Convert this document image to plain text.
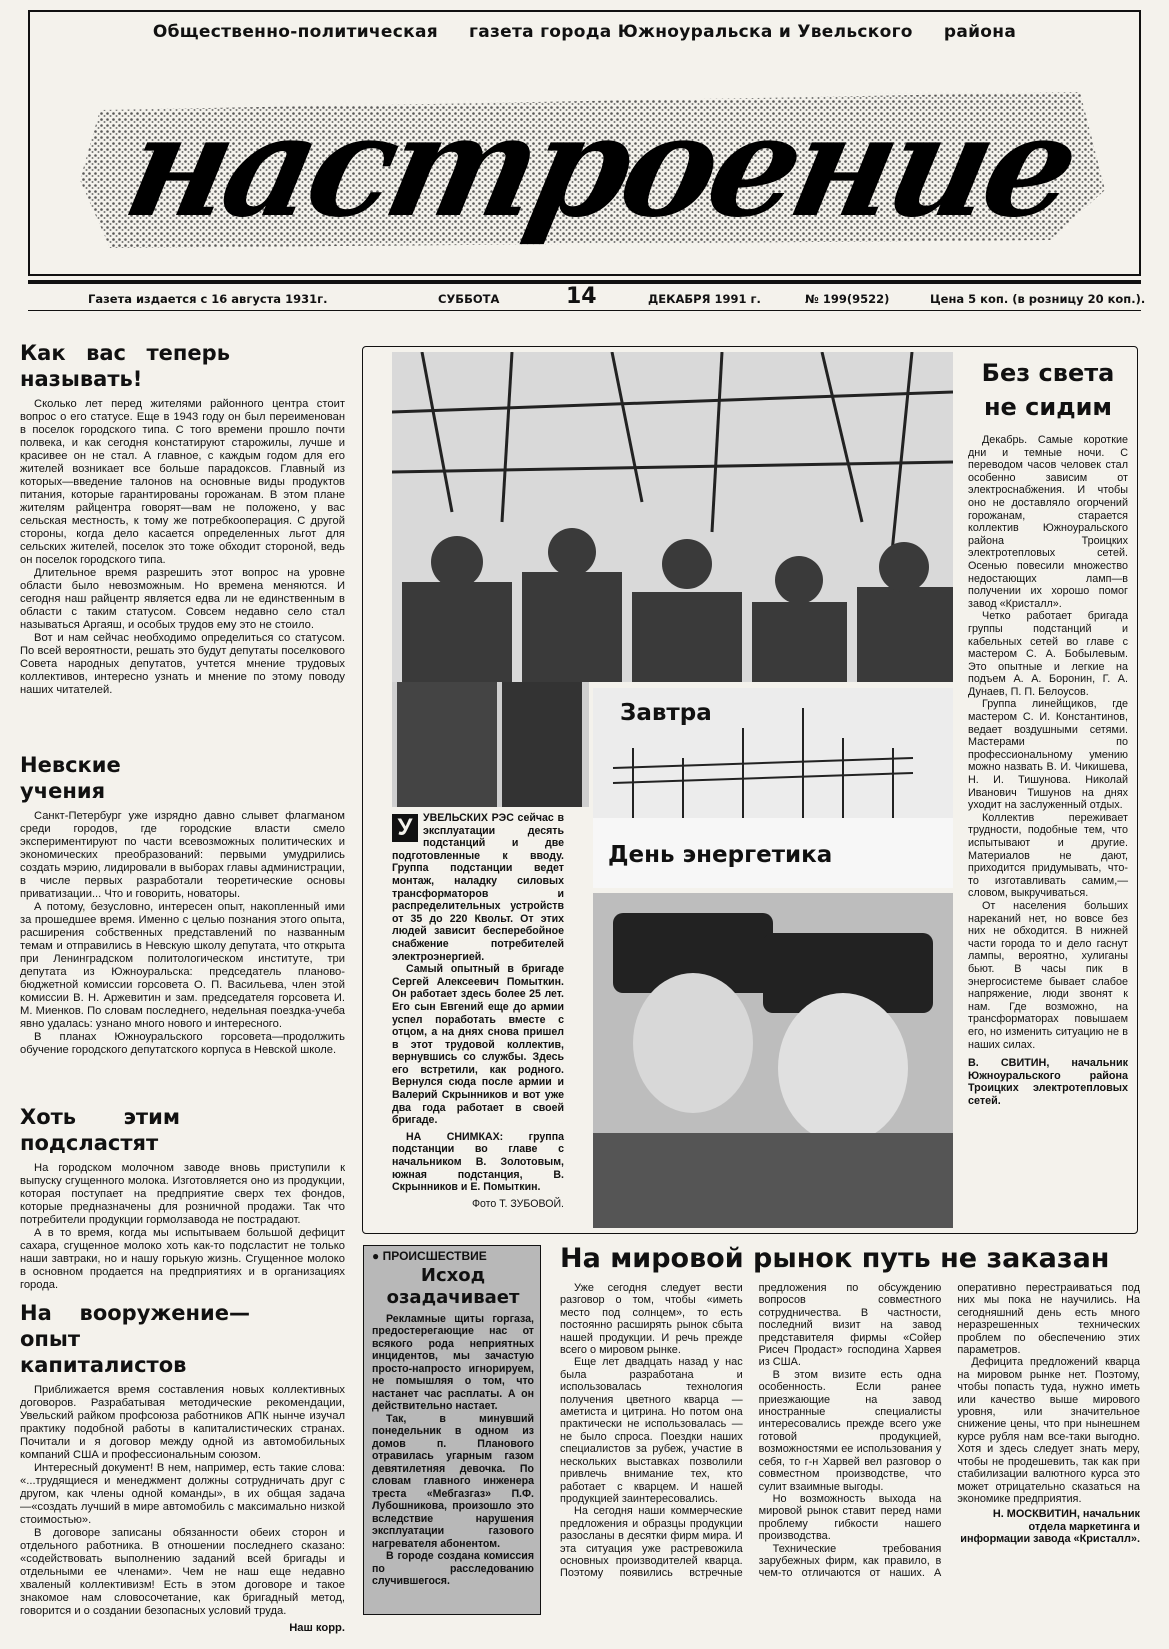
Общественно-политическая     газета города Южноуральска и Увельского     района
настроение
Газета издается с 16 августа 1931г.	СУББОТА	14	ДЕКАБРЯ 1991 г.	№ 199(9522)	Цена 5 коп. (в розницу 20 коп.).
Как вас теперь называть!

Сколько лет перед жителями районного центра стоит вопрос о его статусе. Еще в 1943 году он был переименован в поселок городского типа. С того времени прошло почти полвека, и как сегодня констатируют старожилы, лучше и красивее он не стал. А главное, с каждым годом для его жителей возникает все больше парадоксов. Главный из которых—введение талонов на основные виды продуктов питания, которые гарантированы горожанам. В этом плане жителям райцентра говорят—вам не положено, у вас сельская местность, к тому же потребкооперация. С другой стороны, когда дело касается определенных льгот для сельских жителей, поселок это тоже обходит стороной, ведь он поселок городского типа.

Длительное время разрешить этот вопрос на уровне области было невозможным. Но времена меняются. И сегодня наш райцентр является едва ли не единственным в области с таким статусом. Совсем недавно село стал называться Аргаяш, и особых трудов ему это не стоило.

Вот и нам сейчас необходимо определиться со статусом. По всей вероятности, решать это будут депутаты поселкового Совета народных депутатов, учтется мнение трудовых коллективов, интересно узнать и мнение по этому поводу наших читателей.

Невские учения

Санкт-Петербург уже изрядно давно слывет флагманом среди городов, где городские власти смело экспериментируют по части всевозможных политических и экономических преобразований: первыми умудрились создать мэрию, лидировали в выборах главы администрации, в числе первых разработали теоретические основы приватизации... Что и говорить, новаторы.

А потому, безусловно, интересен опыт, накопленный ими за прошедшее время. Именно с целью познания этого опыта, расширения собственных представлений по названным темам и отправились в Невскую школу депутата, что открыта при Ленинградском политологическом институте, три депутата из Южноуральска: председатель планово-бюджетной комиссии горсовета О. П. Васильева, член этой комиссии В. Н. Аржевитин и зам. председателя горсовета И. М. Миенков. По словам последнего, недельная поездка-учеба явно удалась: узнано много нового и интересного.

В планах Южноуральского горсовета—продолжить обучение городского депутатского корпуса в Невской школе.

Хоть этим подсластят

На городском молочном заводе вновь приступили к выпуску сгущенного молока. Изготовляется оно из продукции, которая поступает на предприятие сверх тех фондов, которые предназначены для розничной продажи. Так что потребители продукции гормолзавода не пострадают.

А в то время, когда мы испытываем большой дефицит сахара, сгущенное молоко хоть как-то подсластит не только наши завтраки, но и нашу горькую жизнь. Сгущенное молоко в основном продается на предприятиях и в организациях города.

На вооружение— опыт капиталистов

Приближается время составления новых коллективных договоров. Разрабатывая методические рекомендации, Увельский райком профсоюза работников АПК нынче изучал практику подобной работы в капиталистических странах. Почитали и я договор между одной из автомобильных компаний США и профессиональным союзом.

Интересный документ! В нем, например, есть такие слова: «...трудящиеся и менеджмент должны сотрудничать друг с другом, как члены одной команды», в их общая задача—«создать лучший в мире автомобиль с максимально низкой стоимостью».

В договоре записаны обязанности обеих сторон и отдельного работника. В отношении последнего сказано: «содействовать выполнению заданий всей бригады и отдельными ее членами». Чем не наш еще недавно хваленый коллективизм! Есть в этом договоре и такое знакомое нам словосочетание, как бригадный метод, говорится и о создании безопасных условий труда.

Наш корр.
Завтра
День энергетика
У УВЕЛЬСКИХ РЭС сейчас в эксплуатации десять подстанций и две подготовленные к вводу. Группа подстанции ведет монтаж, наладку силовых трансформаторов и распределительных устройств от 35 до 220 Квольт. От этих людей зависит бесперебойное снабжение потребителей электроэнергией.

Самый опытный в бригаде Сергей Алексеевич Помыткин. Он работает здесь более 25 лет. Его сын Евгений еще до армии успел поработать вместе с отцом, а на днях снова пришел в этот трудовой коллектив, вернувшись со службы. Здесь его встретили, как родного. Вернулся сюда после армии и Валерий Скрынников и вот уже два года работает в своей бригаде.

НА СНИМКАХ: группа подстанции во главе с начальником В. Золотовым, южная подстанция, В. Скрынников и Е. Помыткин.

Фото Т. ЗУБОВОЙ.
Без света не сидим

Декабрь. Самые короткие дни и темные ночи. С переводом часов человек стал особенно зависим от электроснабжения. И чтобы оно не доставляло огорчений горожанам, старается коллектив Южноуральского района Троицких электротепловых сетей. Осенью повесили множество недостающих ламп—в получении их хорошо помог завод «Кристалл».

Четко работает бригада группы подстанций и кабельных сетей во главе с мастером С. А. Бобылевым. Это опытные и легкие на подъем А. А. Боронин, Г. А. Дунаев, П. П. Белоусов.

Группа линейщиков, где мастером С. И. Константинов, ведает воздушными сетями. Мастерами по профессиональному умению можно назвать В. И. Чикишева, Н. И. Тишунова. Николай Иванович Тишунов на днях уходит на заслуженный отдых.

Коллектив переживает трудности, подобные тем, что испытывают и другие. Материалов не дают, приходится придумывать, что-то изготавливать самим,—словом, выкручиваться.

От населения больших нареканий нет, но вовсе без них не обходится. В нижней части города то и дело гаснут лампы, вероятно, хулиганы бьют. В часы пик в энергосистеме бывает слабое напряжение, люди звонят к нам. Где возможно, на трансформаторах повышаем его, но изменить ситуацию не в наших силах.

В. СВИТИН, начальник Южноуральского района Троицких электротепловых сетей.
● ПРОИСШЕСТВИЕ
Исход озадачивает

Рекламные щиты горгаза, предостерегающие нас от всякого рода неприятных инцидентов, мы зачастую просто-напросто игнорируем, не помышляя о том, что настанет час расплаты. А он действительно настает.

Так, в минувший понедельник в одном из домов п. Планового отравилась угарным газом девятилетняя девочка. По словам главного инженера треста «Мебгазгаз» П.Ф. Лубошникова, произошло это вследствие нарушения эксплуатации газового нагревателя абонентом.

В городе создана комиссия по расследованию случившегося.

На мировой рынок путь не заказан

Уже сегодня следует вести разговор о том, чтобы «иметь место под солнцем», то есть постоянно расширять рынок сбыта нашей продукции. И речь прежде всего о мировом рынке.

Еще лет двадцать назад у нас была разработана и использовалась технология получения цветного кварца — аметиста и цитрина. Но потом она практически не использовалась — не было спроса. Поездки наших специалистов за рубеж, участие в нескольких выставках позволили привлечь внимание тех, кто работает с кварцем. И нашей продукцией заинтересовались.

На сегодня наши коммерческие предложения и образцы продукции разосланы в десятки фирм мира. И эта ситуация уже растревожила основных производителей кварца. Поэтому появились встречные предложения по обсуждению вопросов совместного сотрудничества. В частности, последний визит на завод представителя фирмы «Сойер Рисеч Продаст» господина Харвея из США.

В этом визите есть одна особенность. Если ранее приезжающие на завод иностранные специалисты интересовались прежде всего уже готовой продукцией, возможностями ее использования у себя, то г-н Харвей вел разговор о совместном производстве, что сулит взаимные выгоды.

Но возможность выхода на мировой рынок ставит перед нами проблему гибкости нашего производства.

Технические требования зарубежных фирм, как правило, в чем-то отличаются от наших. А оперативно перестраиваться под них мы пока не научились. На сегодняшний день есть много неразрешенных технических проблем по обеспечению этих параметров.

Дефицита предложений кварца на мировом рынке нет. Поэтому, чтобы попасть туда, нужно иметь или качество выше мирового уровня, или значительное снижение цены, что при нынешнем курсе рубля нам все-таки выгодно. Хотя и здесь следует знать меру, чтобы не продешевить, так как при стабилизации валютного курса это может отрицательно сказаться на экономике предприятия.

Н. МОСКВИТИН, начальник отдела маркетинга и информации завода «Кристалл».
